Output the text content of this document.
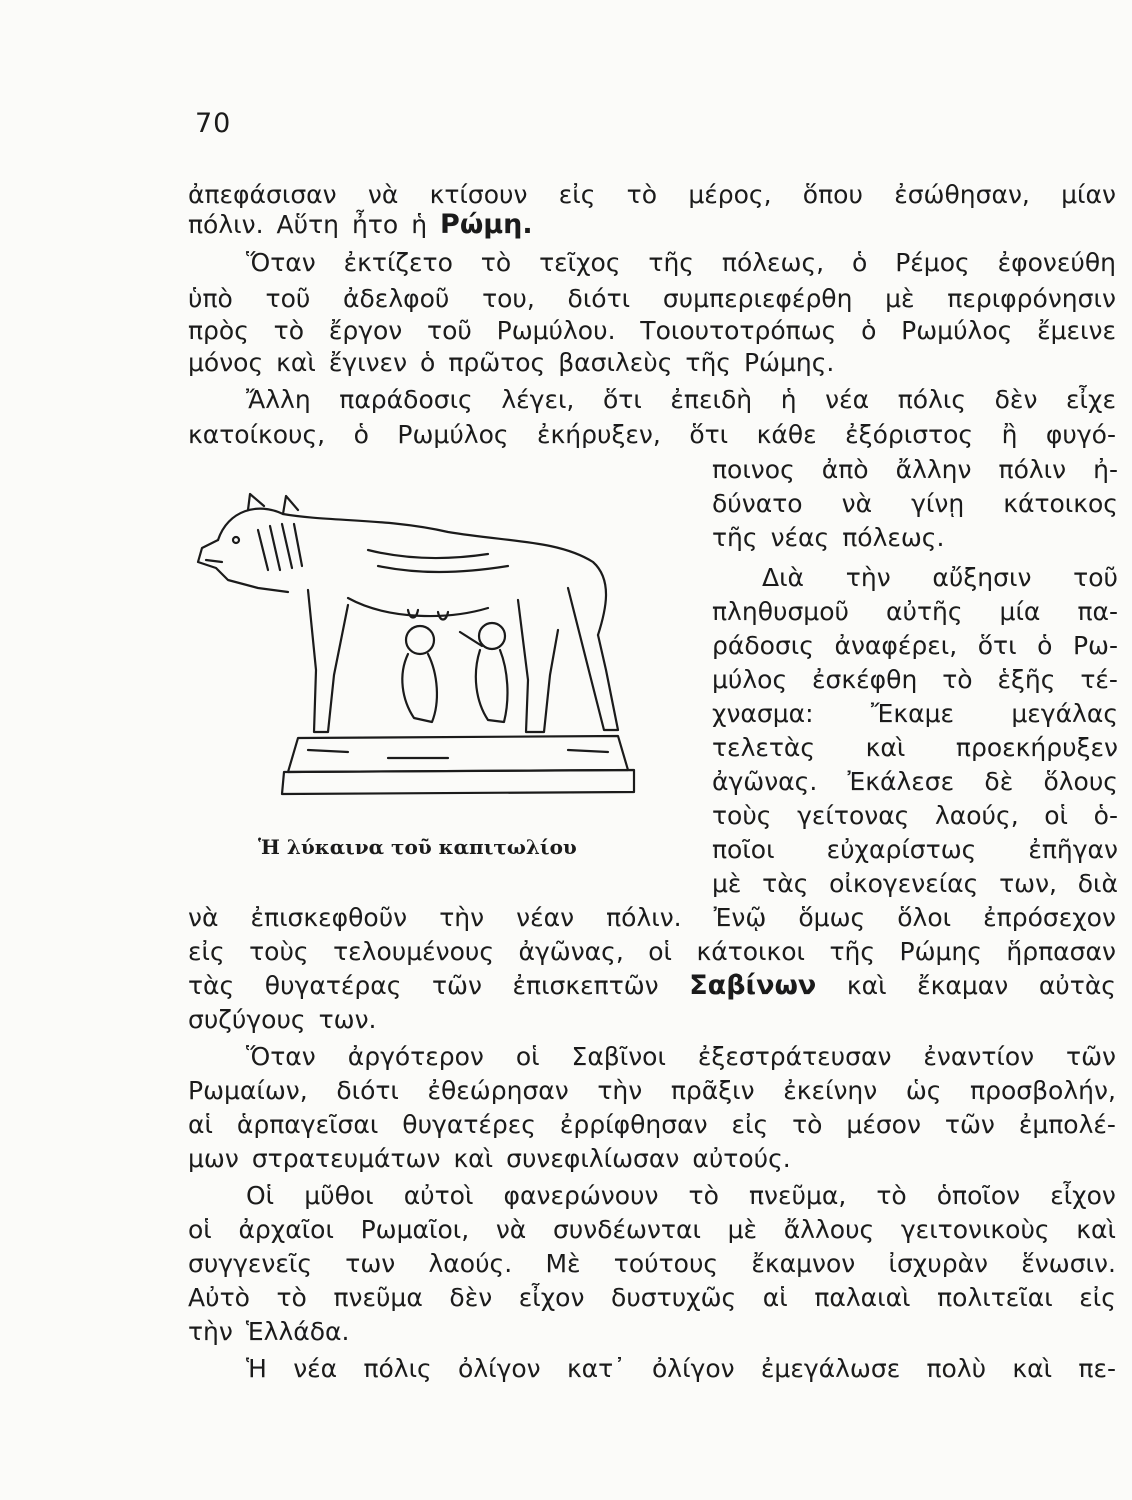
70
ἀπεφάσισαν νὰ κτίσουν εἰς τὸ μέρος, ὅπου ἐσώθησαν, μίαν
πόλιν. Αὕτη ἦτο ἡ Ρώμη.
Ὅταν ἐκτίζετο τὸ τεῖχος τῆς πόλεως, ὁ Ρέμος ἐφονεύθη
ὑπὸ τοῦ ἀδελφοῦ του, διότι συμπεριεφέρθη μὲ περιφρόνησιν
πρὸς τὸ ἔργον τοῦ Ρωμύλου. Τοιουτοτρόπως ὁ Ρωμύλος ἔμεινε
μόνος καὶ ἔγινεν ὁ πρῶτος βασιλεὺς τῆς Ρώμης.
Ἄλλη παράδοσις λέγει, ὅτι ἐπειδὴ ἡ νέα πόλις δὲν εἶχε
κατοίκους, ὁ Ρωμύλος ἐκήρυξεν, ὅτι κάθε ἐξόριστος ἢ φυγό-
ποινος ἀπὸ ἄλλην πόλιν ἠ-
δύνατο νὰ γίνῃ κάτοικος
τῆς νέας πόλεως.
Διὰ τὴν αὔξησιν τοῦ
πληθυσμοῦ αὐτῆς μία πα-
ράδοσις ἀναφέρει, ὅτι ὁ Ρω-
μύλος ἐσκέφθη τὸ ἑξῆς τέ-
χνασμα: Ἔκαμε μεγάλας
τελετὰς καὶ προεκήρυξεν
ἀγῶνας. Ἐκάλεσε δὲ ὅλους
τοὺς γείτονας λαούς, οἱ ὁ-
ποῖοι εὐχαρίστως ἐπῆγαν
μὲ τὰς οἰκογενείας των, διὰ
νὰ ἐπισκεφθοῦν τὴν νέαν πόλιν. Ἐνῷ ὅμως ὅλοι ἐπρόσεχον
εἰς τοὺς τελουμένους ἀγῶνας, οἱ κάτοικοι τῆς Ρώμης ἥρπασαν
τὰς θυγατέρας τῶν ἐπισκεπτῶν Σαβίνων καὶ ἔκαμαν αὐτὰς
συζύγους των.
Ὅταν ἀργότερον οἱ Σαβῖνοι ἐξεστράτευσαν ἐναντίον τῶν
Ρωμαίων, διότι ἐθεώρησαν τὴν πρᾶξιν ἐκείνην ὡς προσβολήν,
αἱ ἁρπαγεῖσαι θυγατέρες ἐρρίφθησαν εἰς τὸ μέσον τῶν ἐμπολέ-
μων στρατευμάτων καὶ συνεφιλίωσαν αὐτούς.
Οἱ μῦθοι αὐτοὶ φανερώνουν τὸ πνεῦμα, τὸ ὁποῖον εἶχον
οἱ ἀρχαῖοι Ρωμαῖοι, νὰ συνδέωνται μὲ ἄλλους γειτονικοὺς καὶ
συγγενεῖς των λαούς. Μὲ τούτους ἔκαμνον ἰσχυρὰν ἕνωσιν.
Αὐτὸ τὸ πνεῦμα δὲν εἶχον δυστυχῶς αἱ παλαιαὶ πολιτεῖαι εἰς
τὴν Ἑλλάδα.
Ἡ νέα πόλις ὀλίγον κατ᾽ ὀλίγον ἐμεγάλωσε πολὺ καὶ πε-
Ἡ λύκαινα τοῦ καπιτωλίου
